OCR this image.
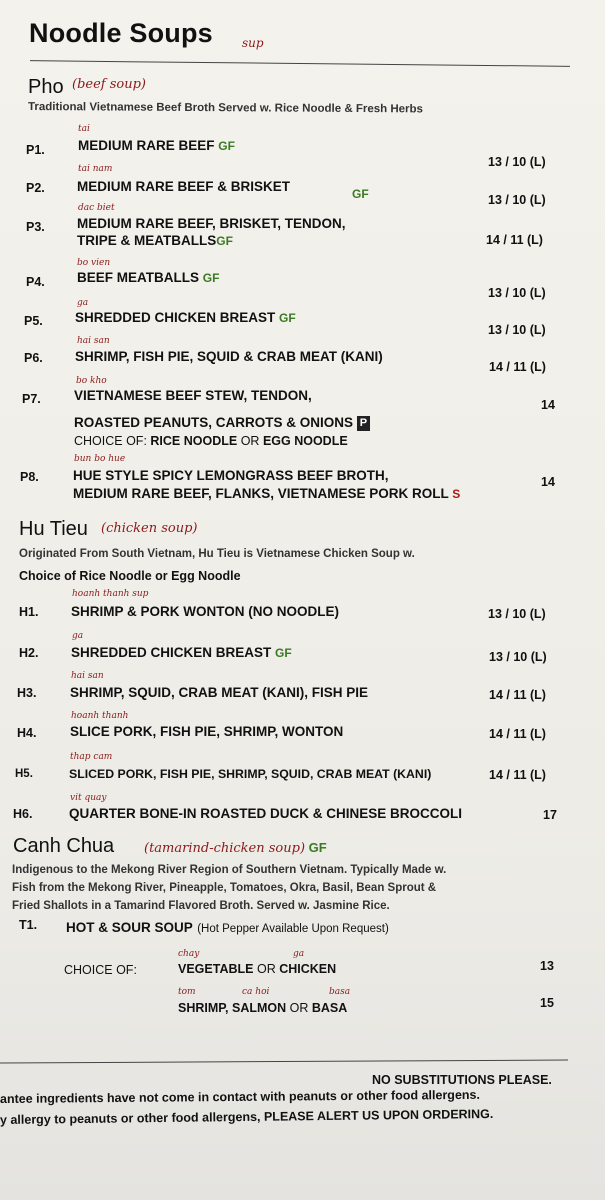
Noodle Soups sup
Pho (beef soup)
Traditional Vietnamese Beef Broth Served w. Rice Noodle & Fresh Herbs
tai
P1. MEDIUM RARE BEEF GF
13 / 10 (L)
tai nam
P2. MEDIUM RARE BEEF & BRISKET	GF	13 / 10 (L)
dac biet
P3. MEDIUM RARE BEEF, BRISKET, TENDON,
TRIPE & MEATBALLSGF	14 / 11 (L)
bo vien
P4. BEEF MEATBALLS GF
13 / 10 (L)
ga
P5. SHREDDED CHICKEN BREAST GF
13 / 10 (L)
hai san
P6. SHRIMP, FISH PIE, SQUID & CRAB MEAT (KANI)
14 / 11 (L)
bo kho
P7. VIETNAMESE BEEF STEW, TENDON,
ROASTED PEANUTS, CARROTS & ONIONS P
CHOICE OF: RICE NOODLE OR EGG NOODLE
14
bun bo hue
P8.	HUE STYLE SPICY LEMONGRASS BEEF BROTH,
MEDIUM RARE BEEF, FLANKS, VIETNAMESE PORK ROLL S
14
Hu Tieu (chicken soup)
Originated From South Vietnam, Hu Tieu is Vietnamese Chicken Soup w.
Choice of Rice Noodle or Egg Noodle
hoanh thanh sup
H1. SHRIMP & PORK WONTON (NO NOODLE)	13 / 10 (L)
ga
H2. SHREDDED CHICKEN BREAST GF	13 / 10 (L)
hai san
H3. SHRIMP, SQUID, CRAB MEAT (KANI), FISH PIE	14 / 11 (L)
hoanh thanh
H4. SLICE PORK, FISH PIE, SHRIMP, WONTON	14 / 11 (L)
thap cam
H5.	SLICED PORK, FISH PIE, SHRIMP, SQUID, CRAB MEAT (KANI)	14 / 11 (L)
vit quay
H6.	QUARTER BONE-IN ROASTED DUCK & CHINESE BROCCOLI	17
Canh Chua (tamarind-chicken soup) GF
Indigenous to the Mekong River Region of Southern Vietnam. Typically Made w.
Fish from the Mekong River, Pineapple, Tomatoes, Okra, Basil, Bean Sprout &
Fried Shallots in a Tamarind Flavored Broth. Served w. Jasmine Rice.
T1. HOT & SOUR SOUP (Hot Pepper Available Upon Request)
CHOICE OF:
chay	ga
VEGETABLE OR CHICKEN	13
tom	ca hoi	basa
SHRIMP, SALMON OR BASA	15
NO SUBSTITUTIONS PLEASE.
antee ingredients have not come in contact with peanuts or other food allergens.
y allergy to peanuts or other food allergens, PLEASE ALERT US UPON ORDERING.
